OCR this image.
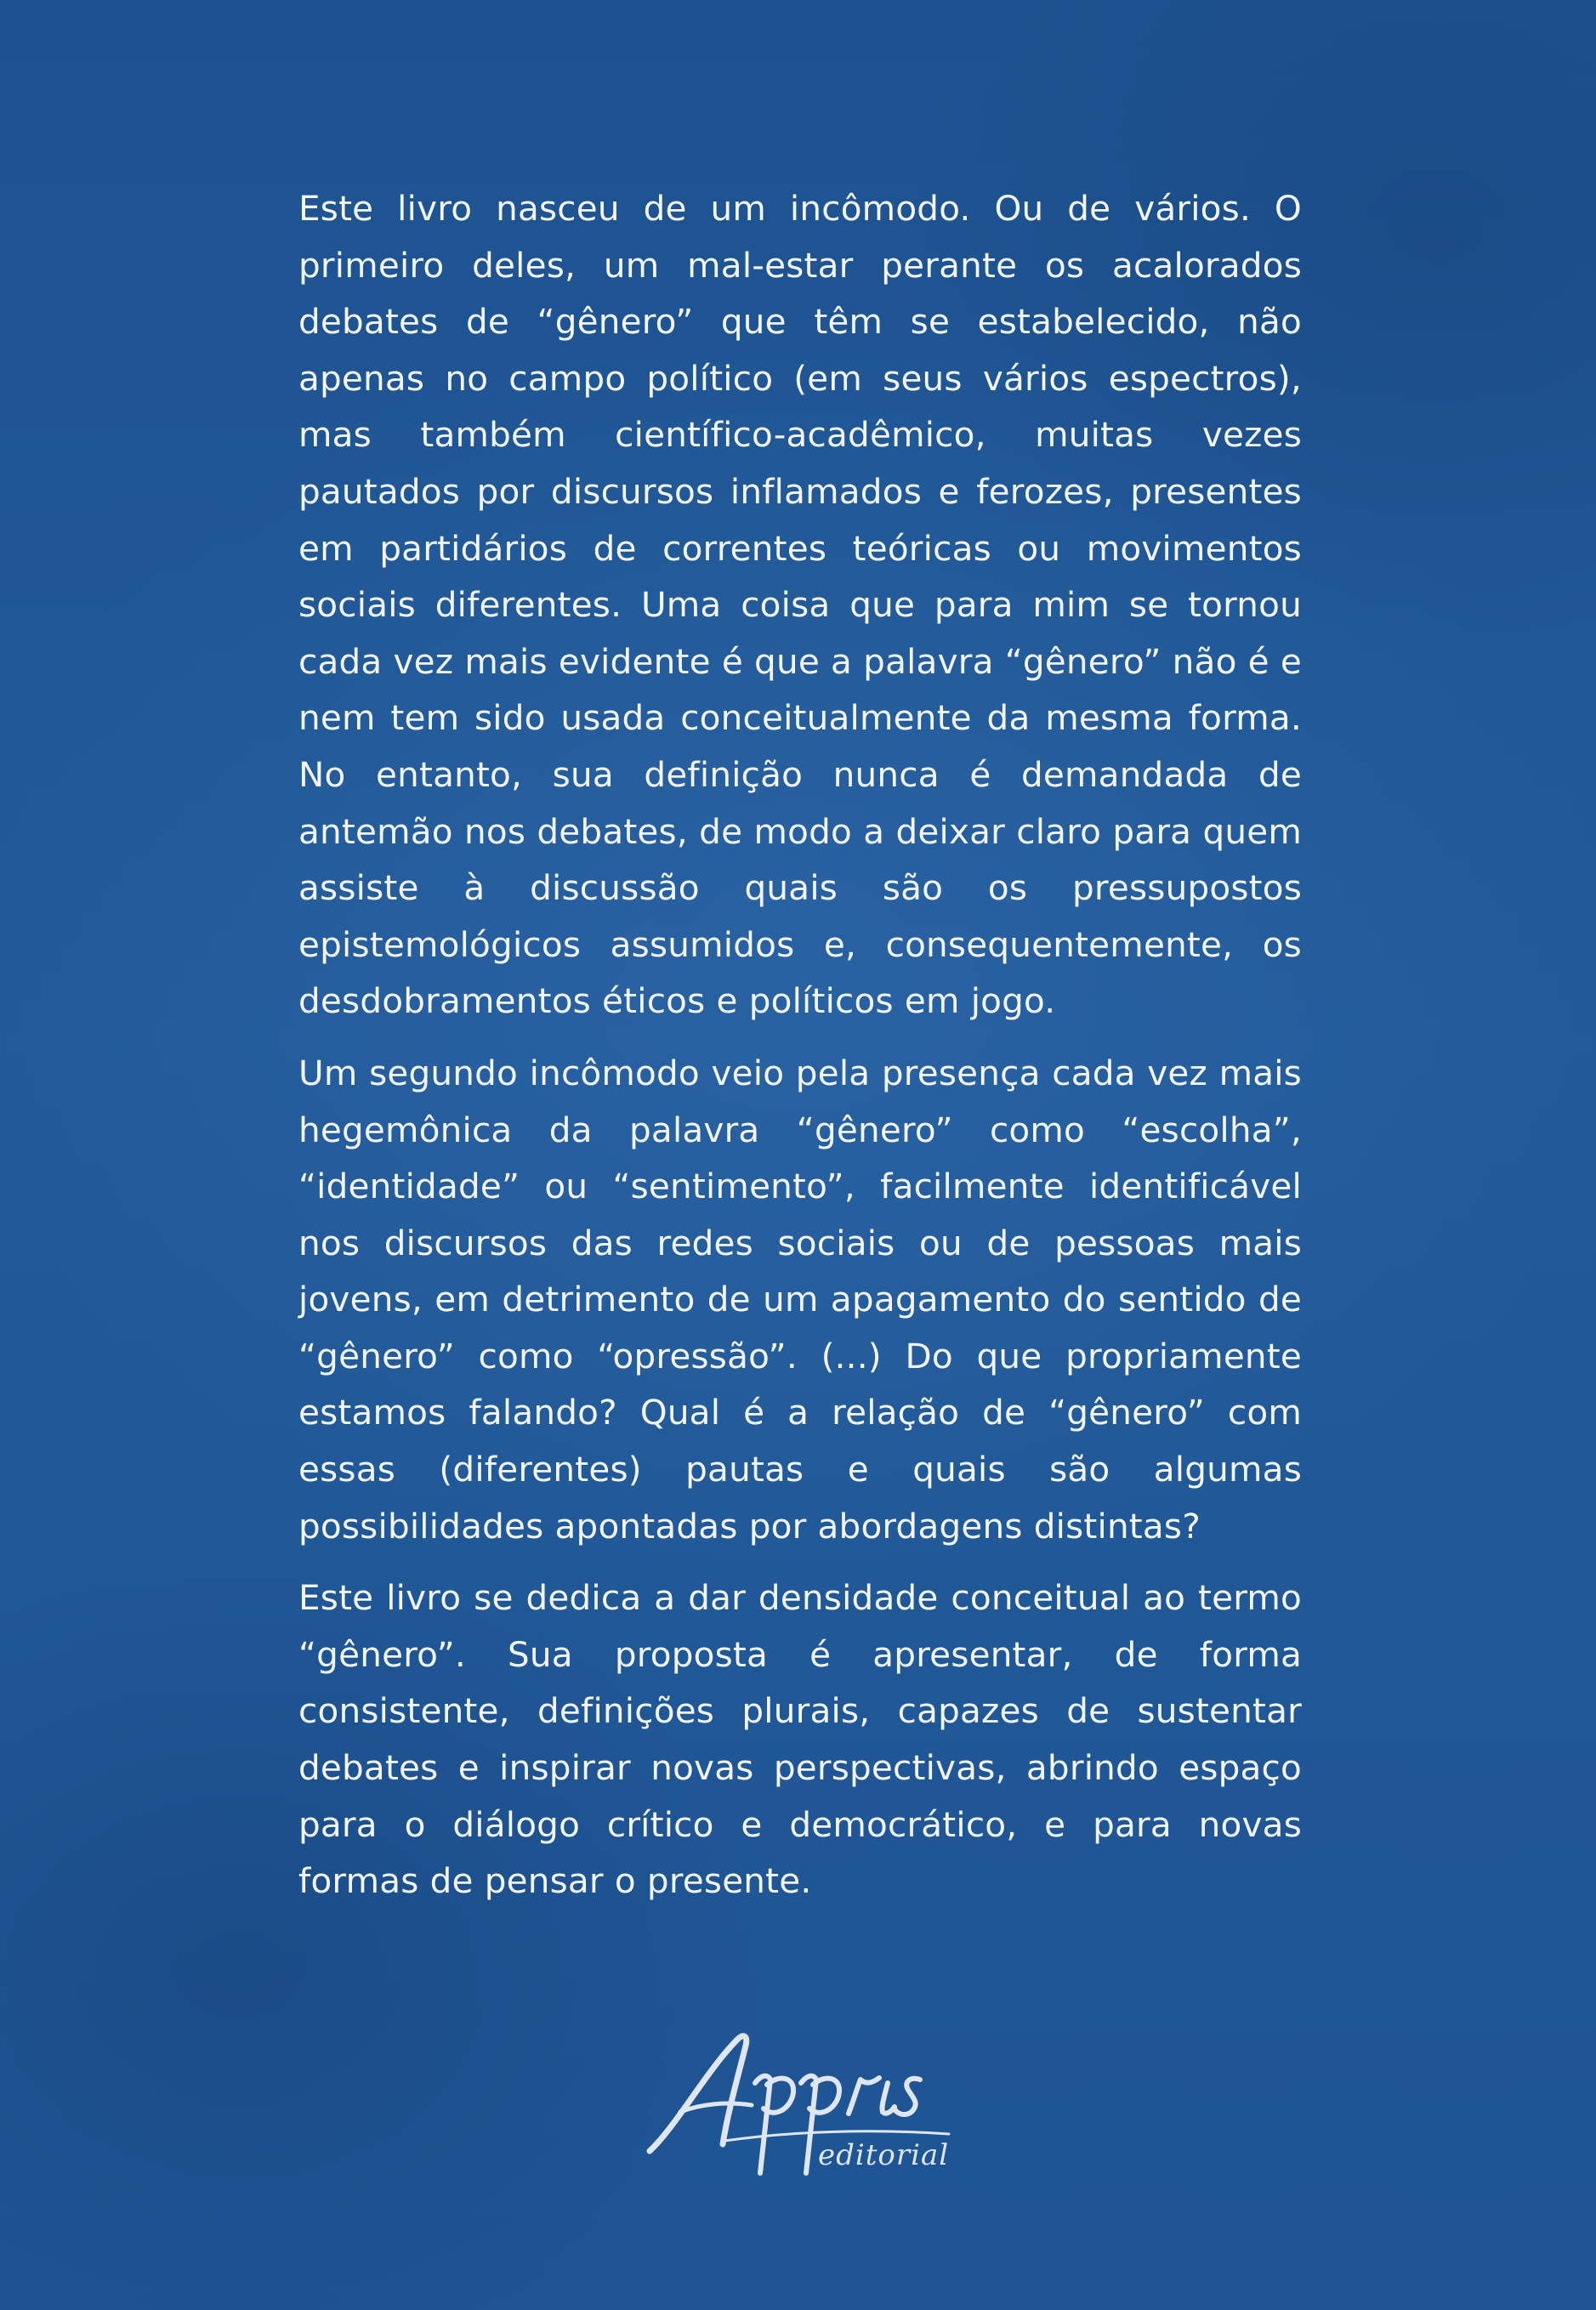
Este livro nasceu de um incômodo. Ou de vários. O primeiro deles, um mal-estar perante os acalorados debates de “gênero” que têm se estabelecido, não apenas no campo político (em seus vários espectros), mas também científico-acadêmico, muitas vezes pautados por discursos inflamados e ferozes, presentes em partidários de correntes teóricas ou movimentos sociais diferentes. Uma coisa que para mim se tornou cada vez mais evidente é que a palavra “gênero” não é e nem tem sido usada conceitualmente da mesma forma. No entanto, sua definição nunca é demandada de antemão nos debates, de modo a deixar claro para quem assiste à discussão quais são os pressupostos epistemológicos assumidos e, consequentemente, os desdobramentos éticos e políticos em jogo.

Um segundo incômodo veio pela presença cada vez mais hegemônica da palavra “gênero” como “escolha”, “identidade” ou “sentimento”, facilmente identificável nos discursos das redes sociais ou de pessoas mais jovens, em detrimento de um apagamento do sentido de “gênero” como “opressão”. (...) Do que propriamente estamos falando? Qual é a relação de “gênero” com essas (diferentes) pautas e quais são algumas possibilidades apontadas por abordagens distintas?

Este livro se dedica a dar densidade conceitual ao termo “gênero”. Sua proposta é apresentar, de forma consistente, definições plurais, capazes de sustentar debates e inspirar novas perspectivas, abrindo espaço para o diálogo crítico e democrático, e para novas formas de pensar o presente.

editorial
